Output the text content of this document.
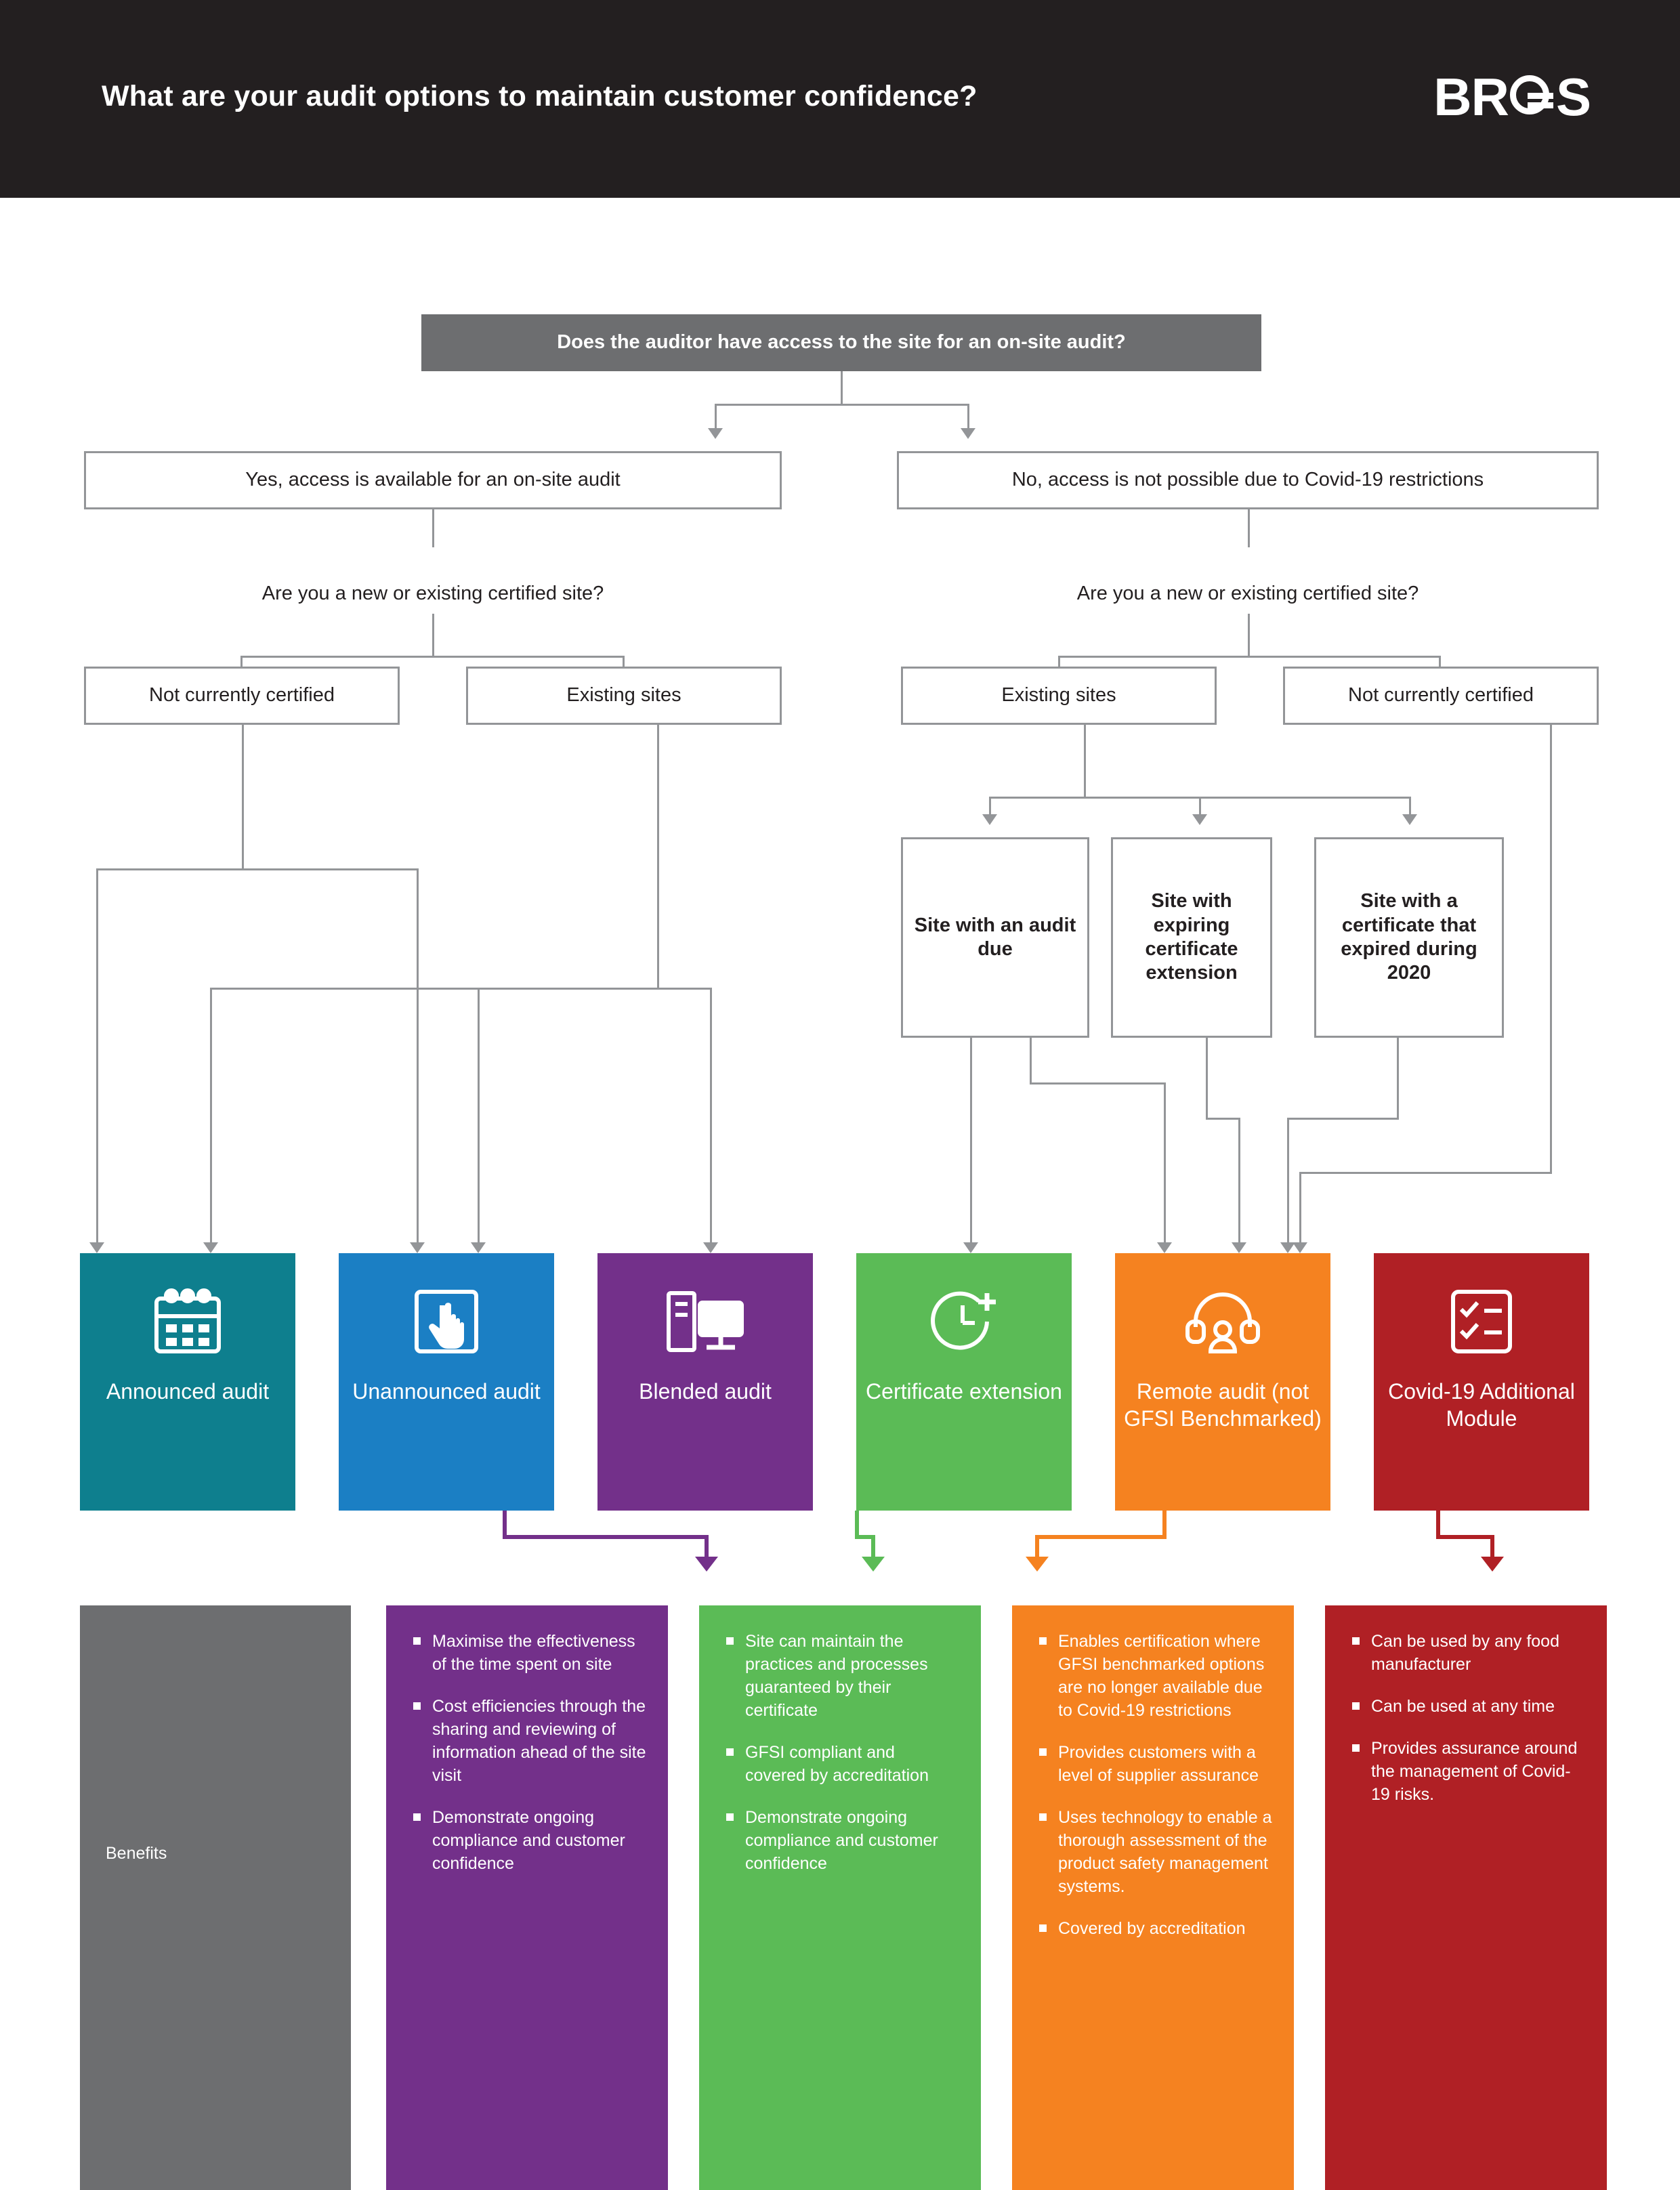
What are your audit options to maintain customer confidence?	BR S
Does the auditor have access to the site for an on-site audit?
Yes, access is available for an on-site audit	No, access is not possible due to Covid-19 restrictions
Are you a new or existing certified site?	Are you a new or existing certified site?
Not currently certified	Existing sites	Existing sites	Not currently certified
Site with an audit due
Site with expiring certificate extension
Site with a certificate that expired during 2020
Announced audit	Unannounced audit	Blended audit	Certificate extension	Remote audit (not GFSI Benchmarked)
Covid-19 Additional Module
Benefits
Maximise the effectiveness of the time spent on site
Cost efficiencies through the sharing and reviewing of information ahead of the site visit
Demonstrate ongoing compliance and customer confidence
Site can maintain the practices and processes guaranteed by their certificate
GFSI compliant and covered by accreditation
Demonstrate ongoing compliance and customer confidence
Enables certification where GFSI benchmarked options are no longer available due to Covid-19 restrictions
Provides customers with a level of supplier assurance
Uses technology to enable a thorough assessment of the product safety management systems.
Covered by accreditation
Can be used by any food manufacturer
Can be used at any time
Provides assurance around the management of Covid-19 risks.
